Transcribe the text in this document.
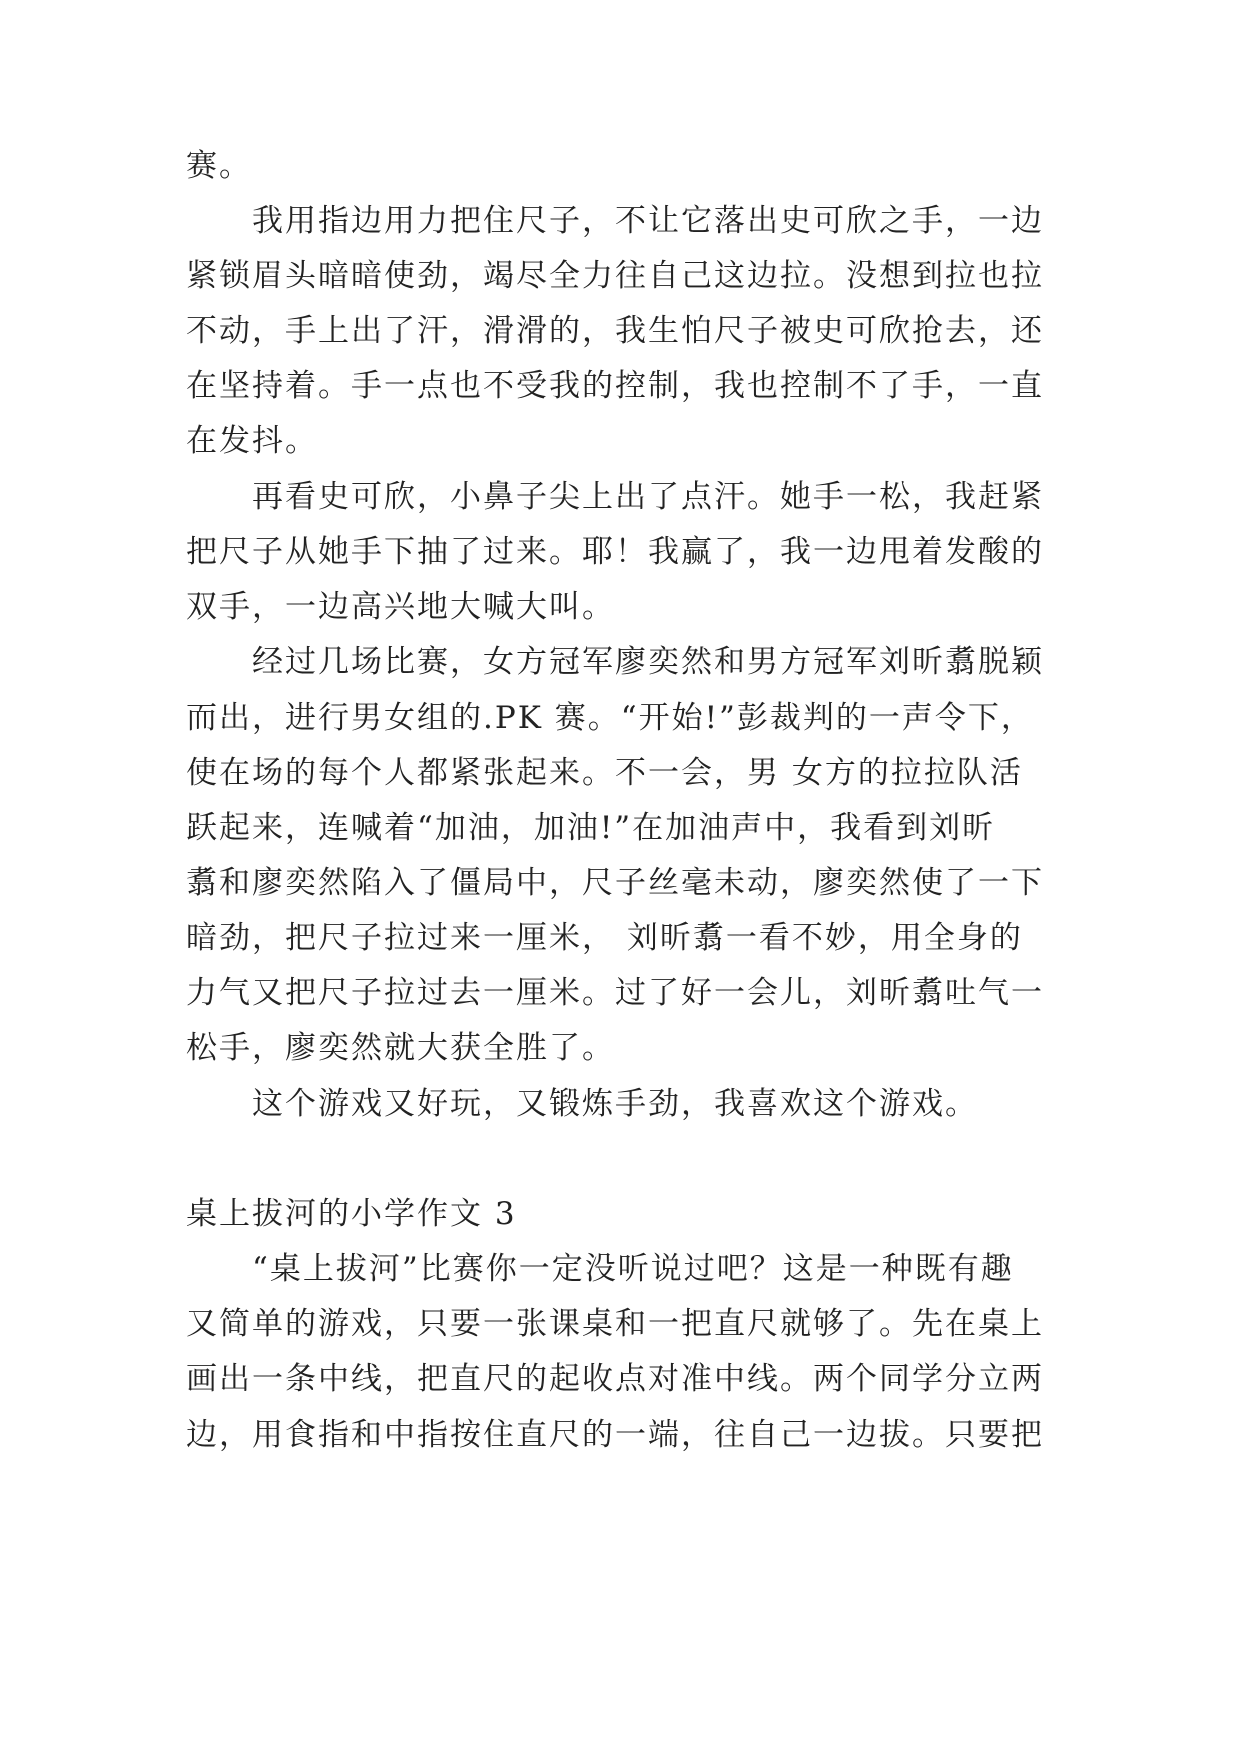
赛。
　　我用指边用力把住尺子，不让它落出史可欣之手，一边
紧锁眉头暗暗使劲，竭尽全力往自己这边拉。没想到拉也拉
不动，手上出了汗，滑滑的，我生怕尺子被史可欣抢去，还
在坚持着。手一点也不受我的控制，我也控制不了手，一直
在发抖。
　　再看史可欣，小鼻子尖上出了点汗。她手一松，我赶紧
把尺子从她手下抽了过来。耶！我赢了，我一边甩着发酸的
双手，一边高兴地大喊大叫。
　　经过几场比赛，女方冠军廖奕然和男方冠军刘昕翥脱颖
而出，进行男女组的.PK 赛。“开始!”彭裁判的一声令下，
使在场的每个人都紧张起来。不一会，男 女方的拉拉队活
跃起来，连喊着“加油，加油!”在加油声中，我看到刘昕
翥和廖奕然陷入了僵局中，尺子丝毫未动，廖奕然使了一下
暗劲，把尺子拉过来一厘米， 刘昕翥一看不妙，用全身的
力气又把尺子拉过去一厘米。过了好一会儿，刘昕翥吐气一
松手，廖奕然就大获全胜了。
　　这个游戏又好玩，又锻炼手劲，我喜欢这个游戏。
桌上拔河的小学作文 3
　　“桌上拔河”比赛你一定没听说过吧？这是一种既有趣
又简单的游戏，只要一张课桌和一把直尺就够了。先在桌上
画出一条中线，把直尺的起收点对准中线。两个同学分立两
边，用食指和中指按住直尺的一端，往自己一边拔。只要把
